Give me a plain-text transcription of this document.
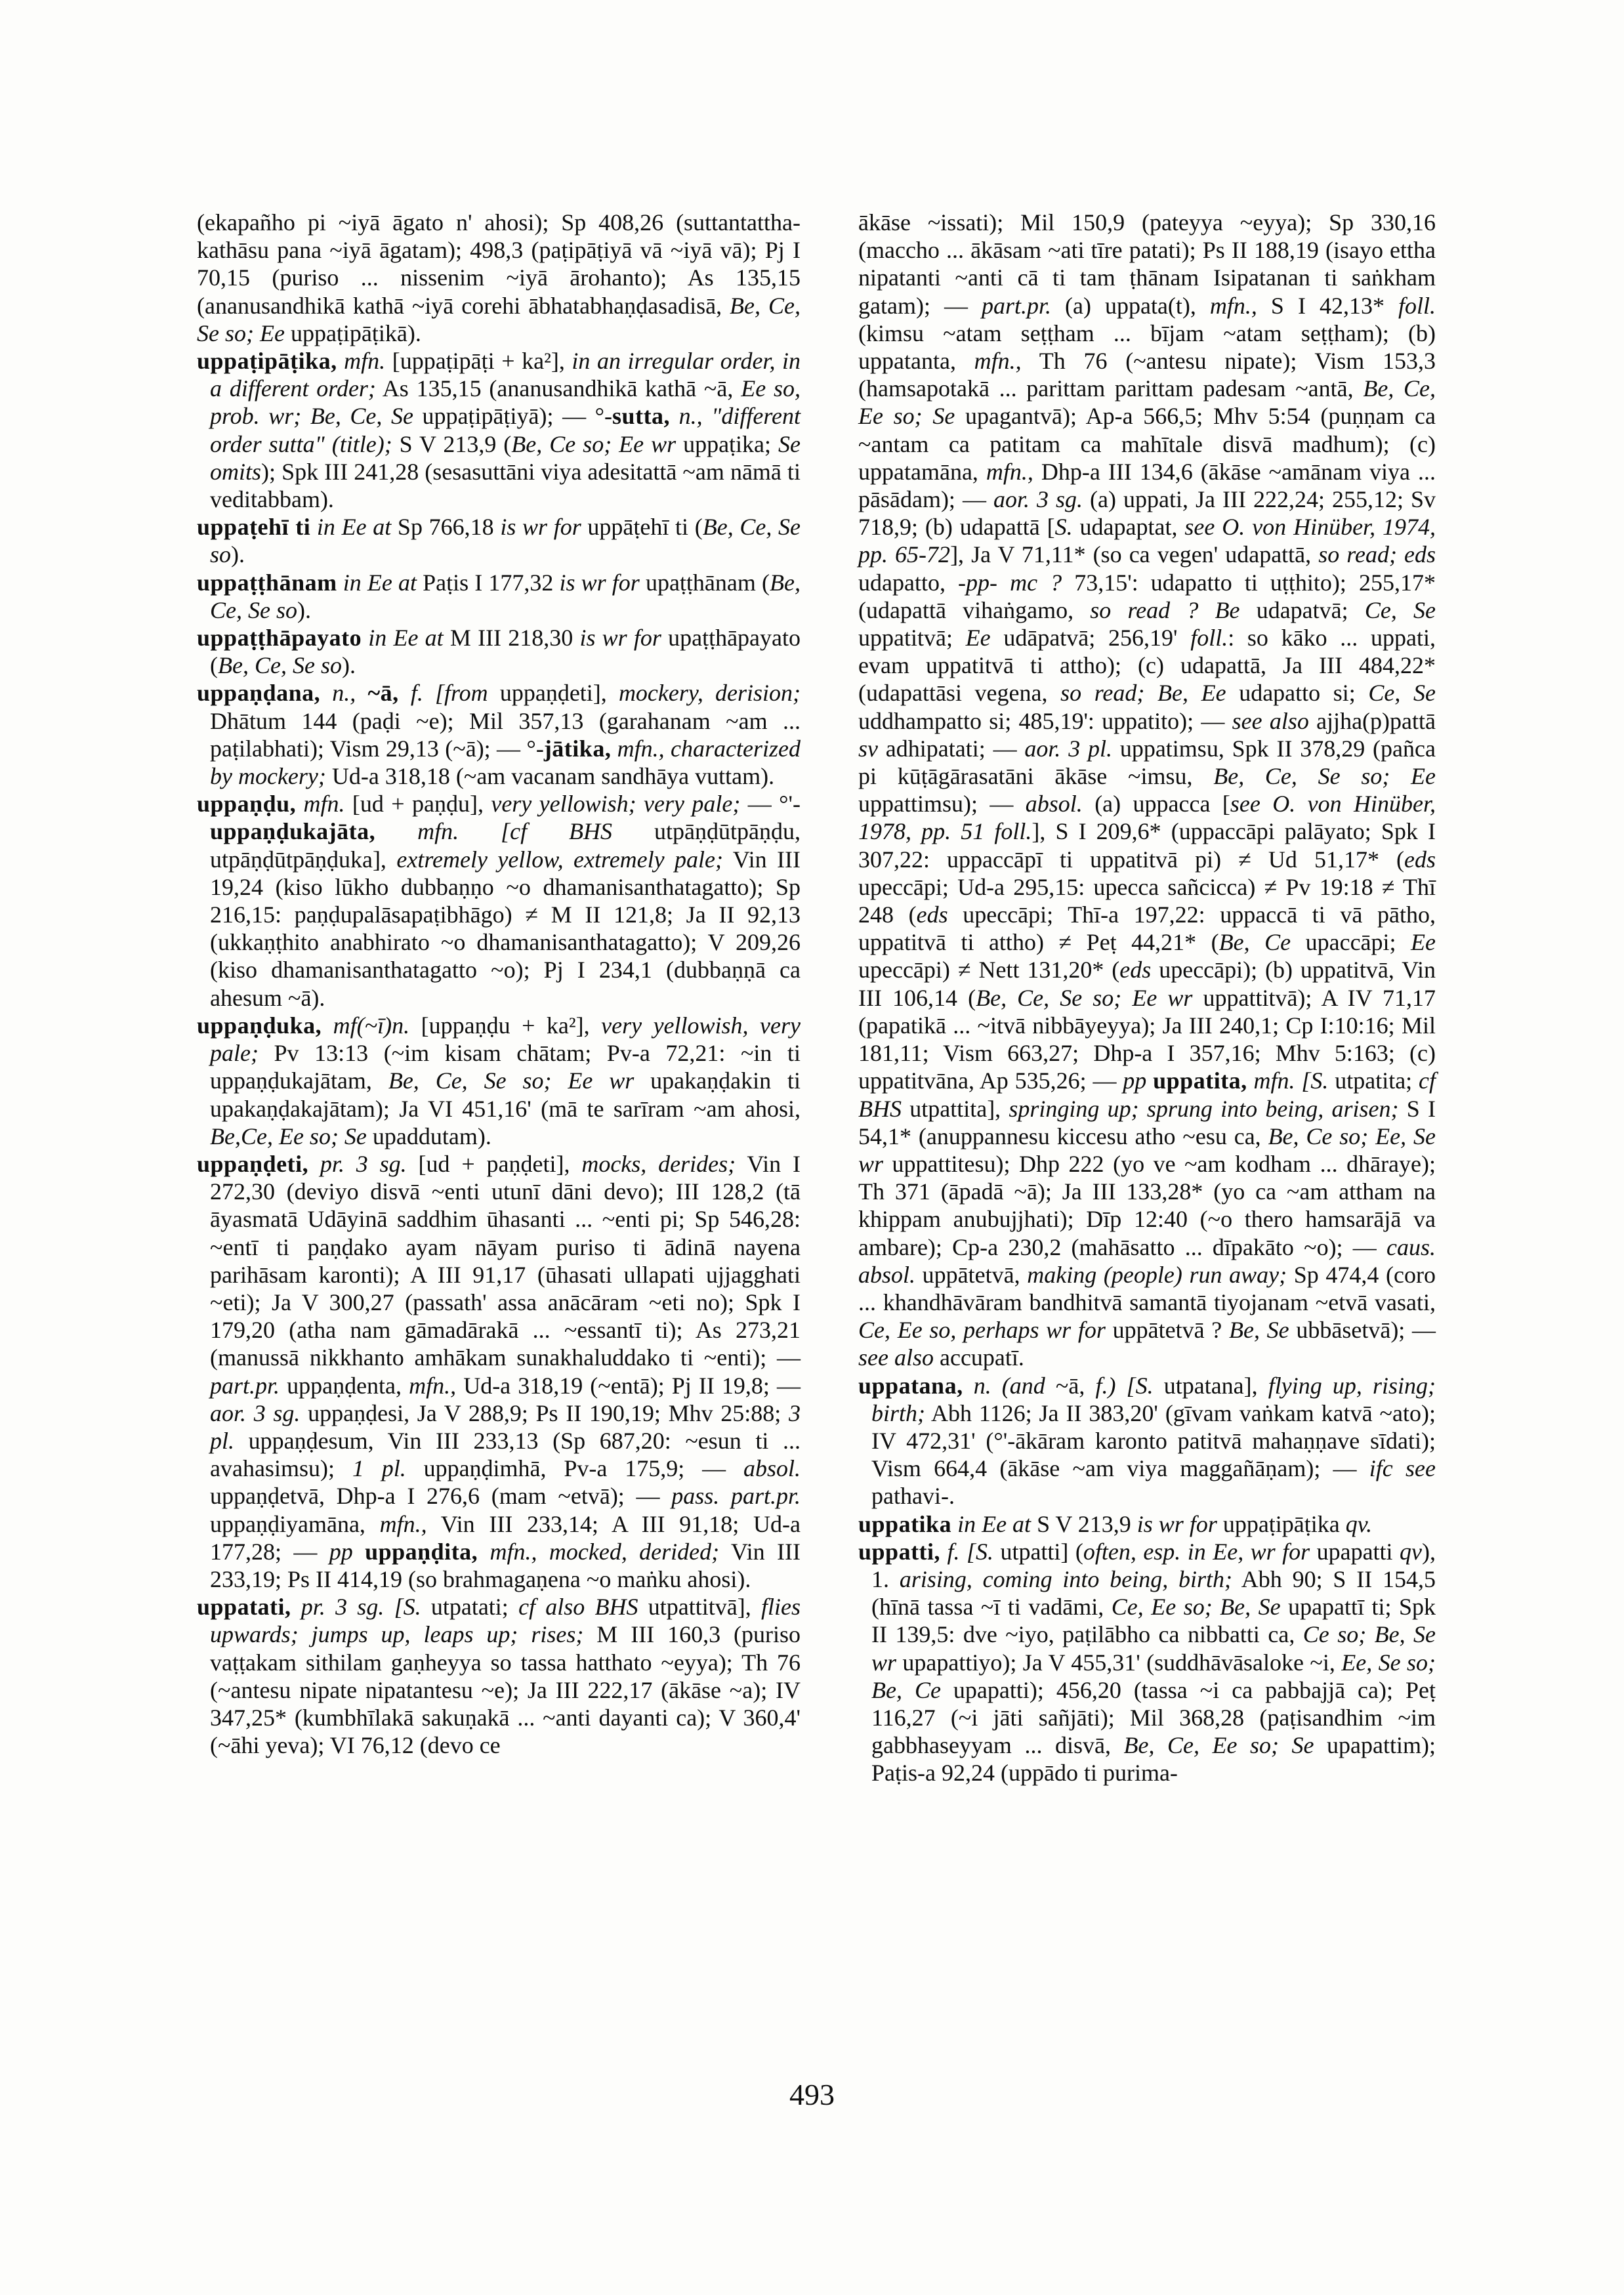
(ekapañho pi ~iyā āgato n' ahosi); Sp 408,26 (suttantattha-kathāsu pana ~iyā āgatam); 498,3 (paṭipāṭiyā vā ~iyā vā); Pj I 70,15 (puriso ... nissenim ~iyā ārohanto); As 135,15 (ananusandhikā kathā ~iyā corehi ābhatabhaṇḍasadisā, Be, Ce, Se so; Ee uppaṭipāṭikā).
uppaṭipāṭika, mfn. [uppaṭipāṭi + ka²], in an irregular order, in a different order; As 135,15 (ananusandhikā kathā ~ā, Ee so, prob. wr; Be, Ce, Se uppaṭipāṭiyā); — °-sutta, n., "different order sutta" (title); S V 213,9 (Be, Ce so; Ee wr uppaṭika; Se omits); Spk III 241,28 (sesasuttāni viya adesitattā ~am nāmā ti veditabbam).
uppaṭehī ti in Ee at Sp 766,18 is wr for uppāṭehī ti (Be, Ce, Se so).
uppaṭṭhānam in Ee at Paṭis I 177,32 is wr for upaṭṭhānam (Be, Ce, Se so).
uppaṭṭhāpayato in Ee at M III 218,30 is wr for upaṭṭhāpayato (Be, Ce, Se so).
uppaṇḍana, n., ~ā, f. [from uppaṇḍeti], mockery, derision; Dhātum 144 (paḍi ~e); Mil 357,13 (garahanam ~am ... paṭilabhati); Vism 29,13 (~ā); — °-jātika, mfn., characterized by mockery; Ud-a 318,18 (~am vacanam sandhāya vuttam).
uppaṇḍu, mfn. [ud + paṇḍu], very yellowish; very pale; — °'-uppaṇḍukajāta, mfn. [cf BHS utpāṇḍūtpāṇḍu, utpāṇḍūtpāṇḍuka], extremely yellow, extremely pale; Vin III 19,24 (kiso lūkho dubbaṇṇo ~o dhamanisanthatagatto); Sp 216,15: paṇḍupalāsapaṭibhāgo) ≠ M II 121,8; Ja II 92,13 (ukkaṇṭhito anabhirato ~o dhamanisanthatagatto); V 209,26 (kiso dhamanisanthatagatto ~o); Pj I 234,1 (dubbaṇṇā ca ahesum ~ā).
uppaṇḍuka, mf(~ī)n. [uppaṇḍu + ka²], very yellowish, very pale; Pv 13:13 (~im kisam chātam; Pv-a 72,21: ~in ti uppaṇḍukajātam, Be, Ce, Se so; Ee wr upakaṇḍakin ti upakaṇḍakajātam); Ja VI 451,16' (mā te sarīram ~am ahosi, Be,Ce, Ee so; Se upaddutam).
uppaṇḍeti, pr. 3 sg. [ud + paṇḍeti], mocks, derides; Vin I 272,30 (deviyo disvā ~enti utunī dāni devo); III 128,2 (tā āyasmatā Udāyinā saddhim ūhasanti ... ~enti pi; Sp 546,28: ~entī ti paṇḍako ayam nāyam puriso ti ādinā nayena parihāsam karonti); A III 91,17 (ūhasati ullapati ujjagghati ~eti); Ja V 300,27 (passath' assa anācāram ~eti no); Spk I 179,20 (atha nam gāmadārakā ... ~essantī ti); As 273,21 (manussā nikkhanto amhākam sunakhaluddako ti ~enti); — part.pr. uppaṇḍenta, mfn., Ud-a 318,19 (~entā); Pj II 19,8; — aor. 3 sg. uppaṇḍesi, Ja V 288,9; Ps II 190,19; Mhv 25:88; 3 pl. uppaṇḍesum, Vin III 233,13 (Sp 687,20: ~esun ti ... avahasimsu); 1 pl. uppaṇḍimhā, Pv-a 175,9; — absol. uppaṇḍetvā, Dhp-a I 276,6 (mam ~etvā); — pass. part.pr. uppaṇḍiyamāna, mfn., Vin III 233,14; A III 91,18; Ud-a 177,28; — pp uppaṇḍita, mfn., mocked, derided; Vin III 233,19; Ps II 414,19 (so brahmagaṇena ~o maṅku ahosi).
uppatati, pr. 3 sg. [S. utpatati; cf also BHS utpattitvā], flies upwards; jumps up, leaps up; rises; M III 160,3 (puriso vaṭṭakam sithilam gaṇheyya so tassa hatthato ~eyya); Th 76 (~antesu nipate nipatantesu ~e); Ja III 222,17 (ākāse ~a); IV 347,25* (kumbhīlakā sakuṇakā ... ~anti dayanti ca); V 360,4' (~āhi yeva); VI 76,12 (devo ce
ākāse ~issati); Mil 150,9 (pateyya ~eyya); Sp 330,16 (maccho ... ākāsam ~ati tīre patati); Ps II 188,19 (isayo ettha nipatanti ~anti cā ti tam ṭhānam Isipatanan ti saṅkham gatam); — part.pr. (a) uppata(t), mfn., S I 42,13* foll. (kimsu ~atam seṭṭham ... bījam ~atam seṭṭham); (b) uppatanta, mfn., Th 76 (~antesu nipate); Vism 153,3 (hamsapotakā ... parittam parittam padesam ~antā, Be, Ce, Ee so; Se upagantvā); Ap-a 566,5; Mhv 5:54 (puṇṇam ca ~antam ca patitam ca mahītale disvā madhum); (c) uppatamāna, mfn., Dhp-a III 134,6 (ākāse ~amānam viya ... pāsādam); — aor. 3 sg. (a) uppati, Ja III 222,24; 255,12; Sv 718,9; (b) udapattā [S. udapaptat, see O. von Hinüber, 1974, pp. 65-72], Ja V 71,11* (so ca vegen' udapattā, so read; eds udapatto, -pp- mc ? 73,15': udapatto ti uṭṭhito); 255,17* (udapattā vihaṅgamo, so read ? Be udapatvā; Ce, Se uppatitvā; Ee udāpatvā; 256,19' foll.: so kāko ... uppati, evam uppatitvā ti attho); (c) udapattā, Ja III 484,22* (udapattāsi vegena, so read; Be, Ee udapatto si; Ce, Se uddhampatto si; 485,19': uppatito); — see also ajjha(p)pattā sv adhipatati; — aor. 3 pl. uppatimsu, Spk II 378,29 (pañca pi kūṭāgārasatāni ākāse ~imsu, Be, Ce, Se so; Ee uppattimsu); — absol. (a) uppacca [see O. von Hinüber, 1978, pp. 51 foll.], S I 209,6* (uppaccāpi palāyato; Spk I 307,22: uppaccāpī ti uppatitvā pi) ≠ Ud 51,17* (eds upeccāpi; Ud-a 295,15: upecca sañcicca) ≠ Pv 19:18 ≠ Thī 248 (eds upeccāpi; Thī-a 197,22: uppaccā ti vā pātho, uppatitvā ti attho) ≠ Peṭ 44,21* (Be, Ce upaccāpi; Ee upeccāpi) ≠ Nett 131,20* (eds upeccāpi); (b) uppatitvā, Vin III 106,14 (Be, Ce, Se so; Ee wr uppattitvā); A IV 71,17 (papatikā ... ~itvā nibbāyeyya); Ja III 240,1; Cp I:10:16; Mil 181,11; Vism 663,27; Dhp-a I 357,16; Mhv 5:163; (c) uppatitvāna, Ap 535,26; — pp uppatita, mfn. [S. utpatita; cf BHS utpattita], springing up; sprung into being, arisen; S I 54,1* (anuppannesu kiccesu atho ~esu ca, Be, Ce so; Ee, Se wr uppattitesu); Dhp 222 (yo ve ~am kodham ... dhāraye); Th 371 (āpadā ~ā); Ja III 133,28* (yo ca ~am attham na khippam anubujjhati); Dīp 12:40 (~o thero hamsarājā va ambare); Cp-a 230,2 (mahāsatto ... dīpakāto ~o); — caus. absol. uppātetvā, making (people) run away; Sp 474,4 (coro ... khandhāvāram bandhitvā samantā tiyojanam ~etvā vasati, Ce, Ee so, perhaps wr for uppātetvā ? Be, Se ubbāsetvā); — see also accupatī.
uppatana, n. (and ~ā, f.) [S. utpatana], flying up, rising; birth; Abh 1126; Ja II 383,20' (gīvam vaṅkam katvā ~ato); IV 472,31' (°'-ākāram karonto patitvā mahaṇṇave sīdati); Vism 664,4 (ākāse ~am viya maggañāṇam); — ifc see pathavi-.
uppatika in Ee at S V 213,9 is wr for uppaṭipāṭika qv.
uppatti, f. [S. utpatti] (often, esp. in Ee, wr for upapatti qv), 1. arising, coming into being, birth; Abh 90; S II 154,5 (hīnā tassa ~ī ti vadāmi, Ce, Ee so; Be, Se upapattī ti; Spk II 139,5: dve ~iyo, paṭilābho ca nibbatti ca, Ce so; Be, Se wr upapattiyo); Ja V 455,31' (suddhāvāsaloke ~i, Ee, Se so; Be, Ce upapatti); 456,20 (tassa ~i ca pabbajjā ca); Peṭ 116,27 (~i jāti sañjāti); Mil 368,28 (paṭisandhim ~im gabbhaseyyam ... disvā, Be, Ce, Ee so; Se upapattim); Paṭis-a 92,24 (uppādo ti purima-
493
